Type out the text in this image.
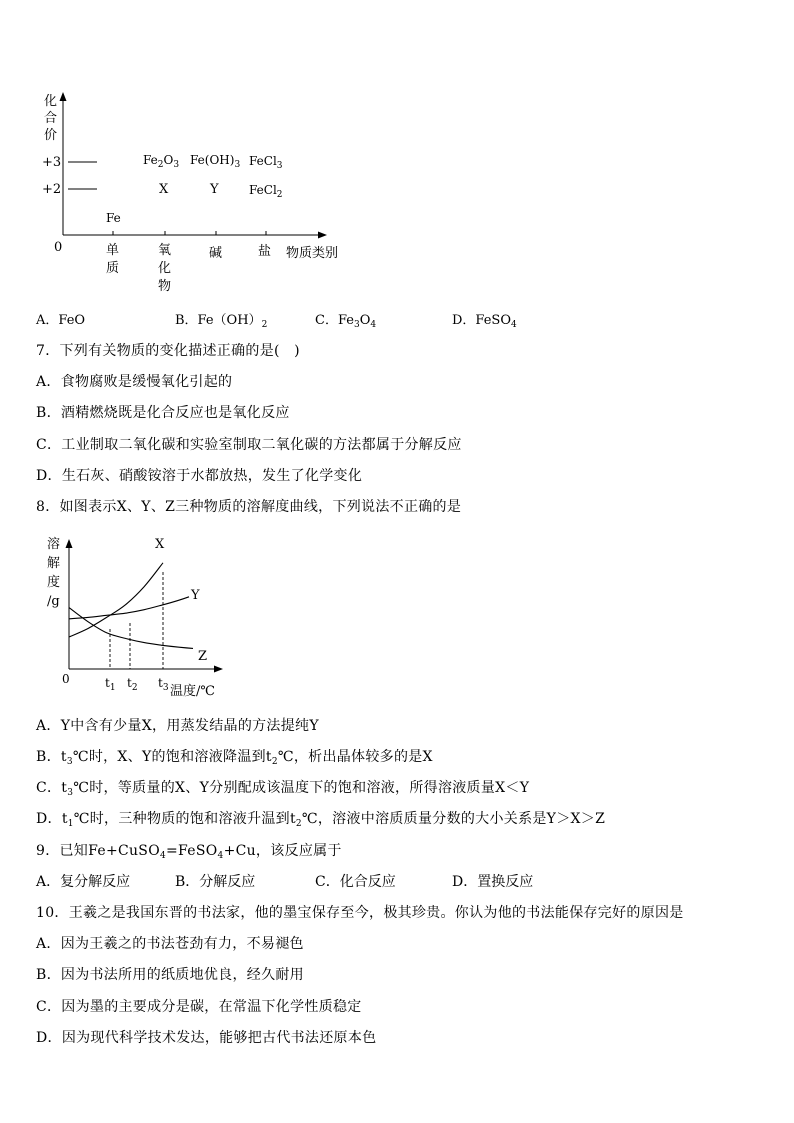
化
合
价
+3
+2
0	单
质
氧
化
物
碱	盐 物质类别
$Fe_2O_3$ $Fe(OH)_3$ FeCl$_3$
X	Y	FeCl$_2$
Fe
A．FeO	B．$Fe(OH)_2$	C．$Fe_3O_4$	D．FeSO$_4$
7．下列有关物质的变化描述正确的是(　)
A．食物腐败是缓慢氧化引起的
B．酒精燃烧既是化合反应也是氧化反应
C．工业制取二氧化碳和实验室制取二氧化碳的方法都属于分解反应
D．生石灰、硝酸铵溶于水都放热，发生了化学变化
8．如图表示X、Y、Z三种物质的溶解度曲线，下列说法不正确的是
溶
解
度
/g
X
Y
Z
0	$t_1$ $t_2$ $t_3$ 温度/℃
A．Y中含有少量X，用蒸发结晶的方法提纯Y
B．$t_3℃$时，X、Y的饱和溶液降温到$t_2℃$，析出晶体较多的是X
C．$t_3℃$时，等质量的X、Y分别配成该温度下的饱和溶液，所得溶液质量X＜Y
D．$t_1℃$时，三种物质的饱和溶液升温到$t_2℃$，溶液中溶质质量分数的大小关系是Y＞X＞Z
9．已知Fe+CuSO$_4$=FeSO$_4$+Cu，该反应属于
A．复分解反应	B．分解反应	C．化合反应	D．置换反应
10．王羲之是我国东晋的书法家，他的墨宝保存至今，极其珍贵。你认为他的书法能保存完好的原因是
A．因为王羲之的书法苍劲有力，不易褪色
B．因为书法所用的纸质地优良，经久耐用
C．因为墨的主要成分是碳，在常温下化学性质稳定
D．因为现代科学技术发达，能够把古代书法还原本色
